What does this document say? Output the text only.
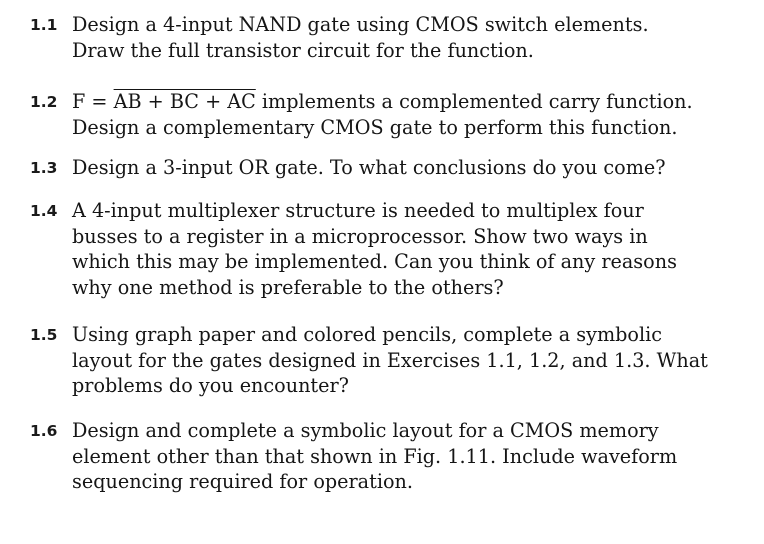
1.1 Design a 4-input NAND gate using CMOS switch elements.
Draw the full transistor circuit for the function.
1.2 F = AB + BC + AC implements a complemented carry function.
Design a complementary CMOS gate to perform this function.
1.3 Design a 3-input OR gate. To what conclusions do you come?
1.4 A 4-input multiplexer structure is needed to multiplex four
busses to a register in a microprocessor. Show two ways in
which this may be implemented. Can you think of any reasons
why one method is preferable to the others?
1.5 Using graph paper and colored pencils, complete a symbolic
layout for the gates designed in Exercises 1.1, 1.2, and 1.3. What
problems do you encounter?
1.6 Design and complete a symbolic layout for a CMOS memory
element other than that shown in Fig. 1.11. Include waveform
sequencing required for operation.
